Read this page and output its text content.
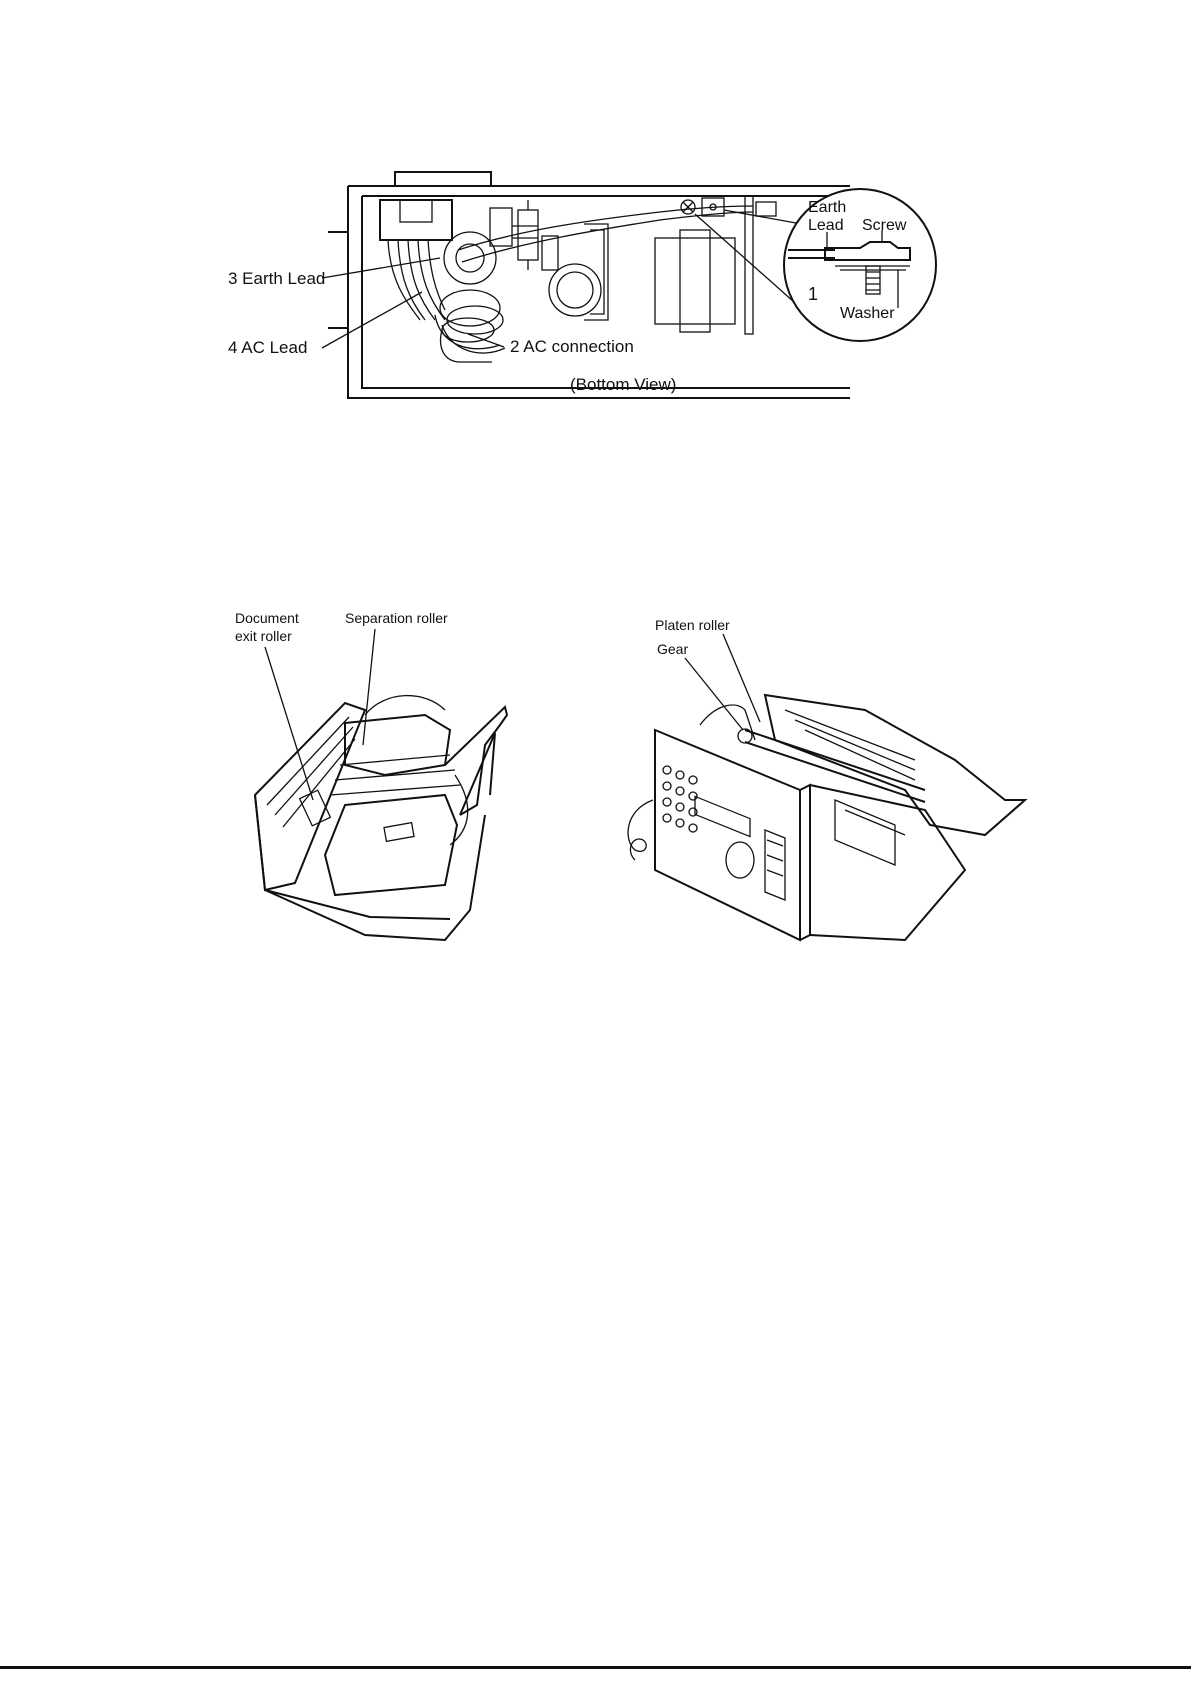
3 Earth Lead
4 AC Lead	2 AC connection
(Bottom View)
Earth
Lead Screw
1
Washer
Document
exit roller
Separation roller	Platen roller
Gear
